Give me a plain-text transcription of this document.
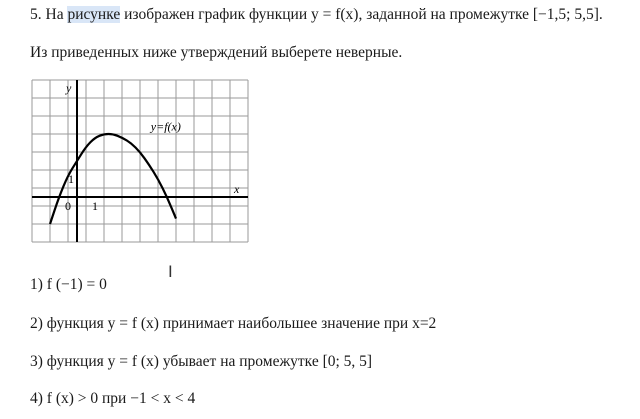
5. На рисунке изображен график функции y = f(x), заданной на промежутке [−1,5; 5,5].
Из приведенных ниже утверждений выберете неверные.
y
x
0 1
1
y=f(x)
I
1) f (−1) = 0
2) функция y = f (x) принимает наибольшее значение при x=2
3) функция y = f (x) убывает на промежутке [0; 5, 5]
4) f (x) > 0 при −1 < x < 4
